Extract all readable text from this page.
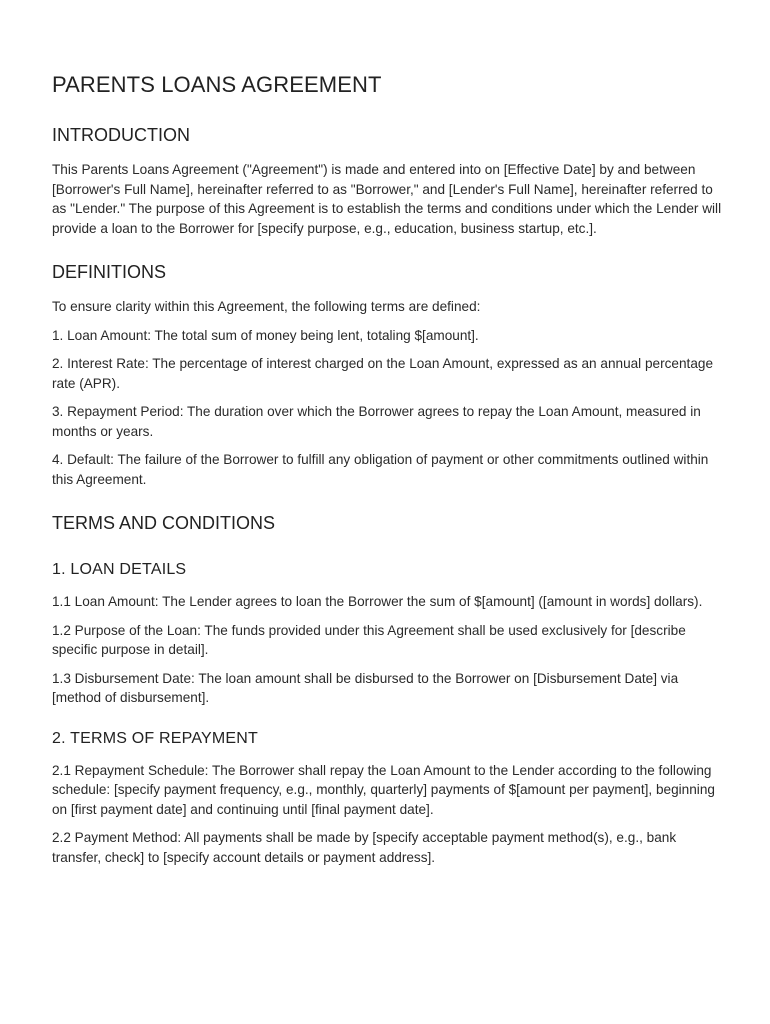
PARENTS LOANS AGREEMENT
INTRODUCTION

This Parents Loans Agreement ("Agreement") is made and entered into on [Effective Date] by and between [Borrower's Full Name], hereinafter referred to as "Borrower," and [Lender's Full Name], hereinafter referred to as "Lender." The purpose of this Agreement is to establish the terms and conditions under which the Lender will provide a loan to the Borrower for [specify purpose, e.g., education, business startup, etc.].

DEFINITIONS

To ensure clarity within this Agreement, the following terms are defined:

1. Loan Amount: The total sum of money being lent, totaling $[amount].

2. Interest Rate: The percentage of interest charged on the Loan Amount, expressed as an annual percentage rate (APR).

3. Repayment Period: The duration over which the Borrower agrees to repay the Loan Amount, measured in months or years.

4. Default: The failure of the Borrower to fulfill any obligation of payment or other commitments outlined within this Agreement.

TERMS AND CONDITIONS
1. LOAN DETAILS

1.1 Loan Amount: The Lender agrees to loan the Borrower the sum of $[amount] ([amount in words] dollars).

1.2 Purpose of the Loan: The funds provided under this Agreement shall be used exclusively for [describe specific purpose in detail].

1.3 Disbursement Date: The loan amount shall be disbursed to the Borrower on [Disbursement Date] via [method of disbursement].

2. TERMS OF REPAYMENT

2.1 Repayment Schedule: The Borrower shall repay the Loan Amount to the Lender according to the following schedule: [specify payment frequency, e.g., monthly, quarterly] payments of $[amount per payment], beginning on [first payment date] and continuing until [final payment date].

2.2 Payment Method: All payments shall be made by [specify acceptable payment method(s), e.g., bank transfer, check] to [specify account details or payment address].
